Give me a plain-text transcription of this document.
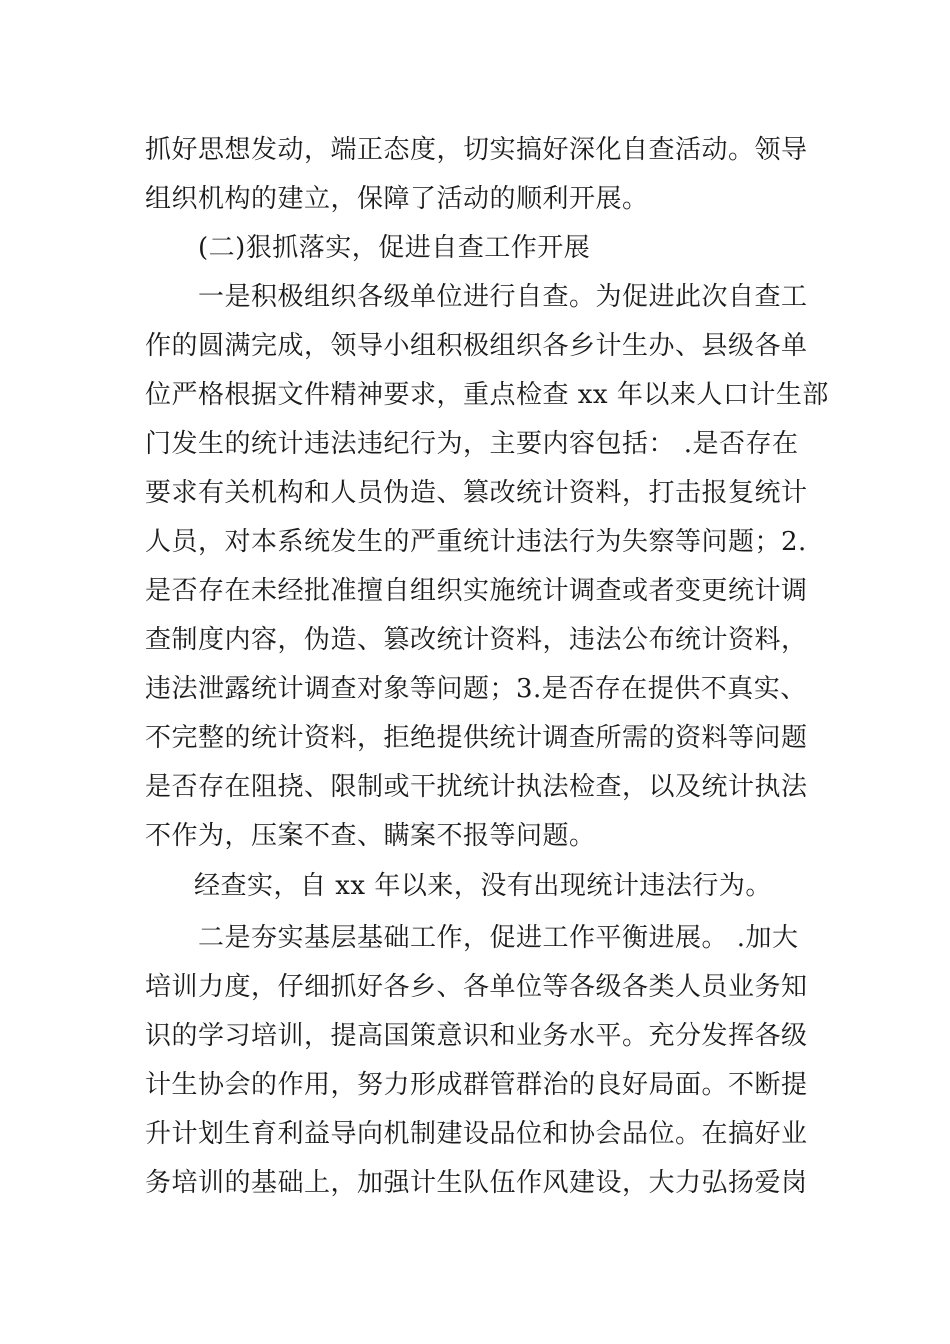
抓好思想发动，端正态度，切实搞好深化自查活动。领导
组织机构的建立，保障了活动的顺利开展。
(二)狠抓落实，促进自查工作开展
一是积极组织各级单位进行自查。为促进此次自查工
作的圆满完成，领导小组积极组织各乡计生办、县级各单
位严格根据文件精神要求，重点检查 xx 年以来人口计生部
门发生的统计违法违纪行为，主要内容包括： .是否存在
要求有关机构和人员伪造、篡改统计资料，打击报复统计
人员，对本系统发生的严重统计违法行为失察等问题；2.
是否存在未经批准擅自组织实施统计调查或者变更统计调
查制度内容，伪造、篡改统计资料，违法公布统计资料，
违法泄露统计调查对象等问题；3.是否存在提供不真实、
不完整的统计资料，拒绝提供统计调查所需的资料等问题
是否存在阻挠、限制或干扰统计执法检查，以及统计执法
不作为，压案不查、瞒案不报等问题。
经查实，自 xx 年以来，没有出现统计违法行为。
二是夯实基层基础工作，促进工作平衡进展。 .加大
培训力度，仔细抓好各乡、各单位等各级各类人员业务知
识的学习培训，提高国策意识和业务水平。充分发挥各级
计生协会的作用，努力形成群管群治的良好局面。不断提
升计划生育利益导向机制建设品位和协会品位。在搞好业
务培训的基础上，加强计生队伍作风建设，大力弘扬爱岗
